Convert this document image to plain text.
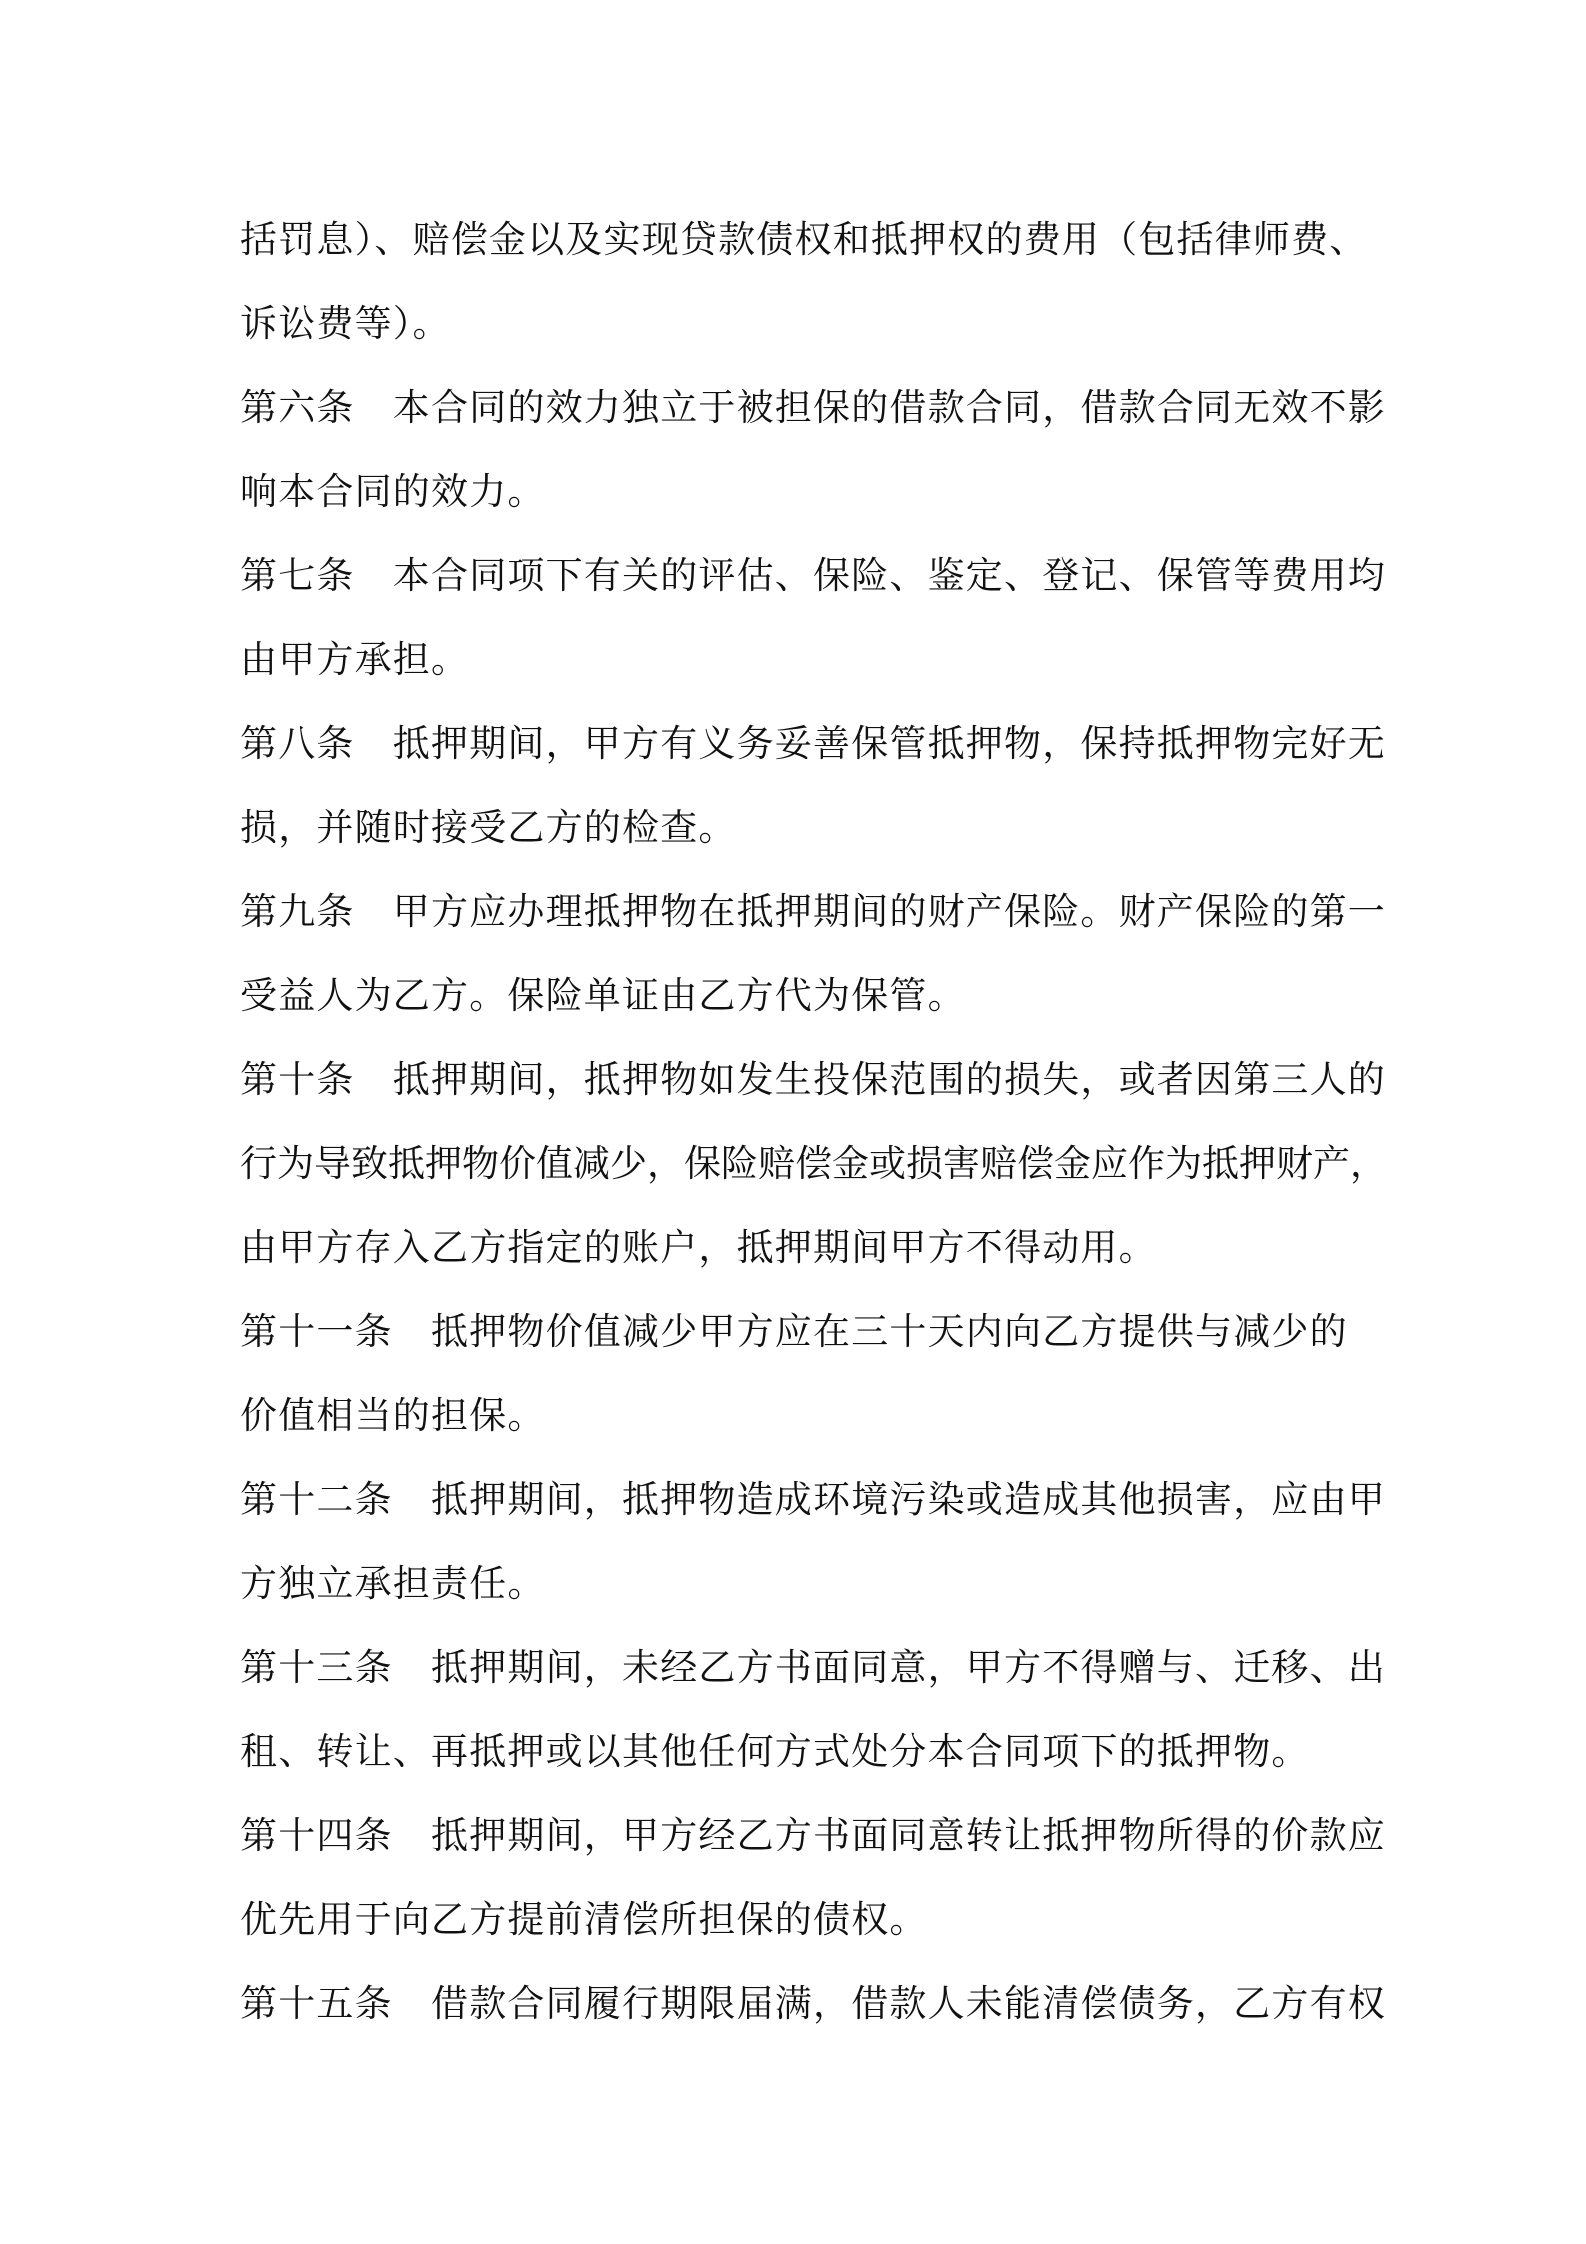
括罚息）、赔偿金以及实现贷款债权和抵押权的费用（包括律师费、
诉讼费等）。
第六条　本合同的效力独立于被担保的借款合同，借款合同无效不影
响本合同的效力。
第七条　本合同项下有关的评估、保险、鉴定、登记、保管等费用均
由甲方承担。
第八条　抵押期间，甲方有义务妥善保管抵押物，保持抵押物完好无
损，并随时接受乙方的检查。
第九条　甲方应办理抵押物在抵押期间的财产保险。财产保险的第一
受益人为乙方。保险单证由乙方代为保管。
第十条　抵押期间，抵押物如发生投保范围的损失，或者因第三人的
行为导致抵押物价值减少，保险赔偿金或损害赔偿金应作为抵押财产，
由甲方存入乙方指定的账户，抵押期间甲方不得动用。
第十一条　抵押物价值减少甲方应在三十天内向乙方提供与减少的
价值相当的担保。
第十二条　抵押期间，抵押物造成环境污染或造成其他损害，应由甲
方独立承担责任。
第十三条　抵押期间，未经乙方书面同意，甲方不得赠与、迁移、出
租、转让、再抵押或以其他任何方式处分本合同项下的抵押物。
第十四条　抵押期间，甲方经乙方书面同意转让抵押物所得的价款应
优先用于向乙方提前清偿所担保的债权。
第十五条　借款合同履行期限届满，借款人未能清偿债务，乙方有权
